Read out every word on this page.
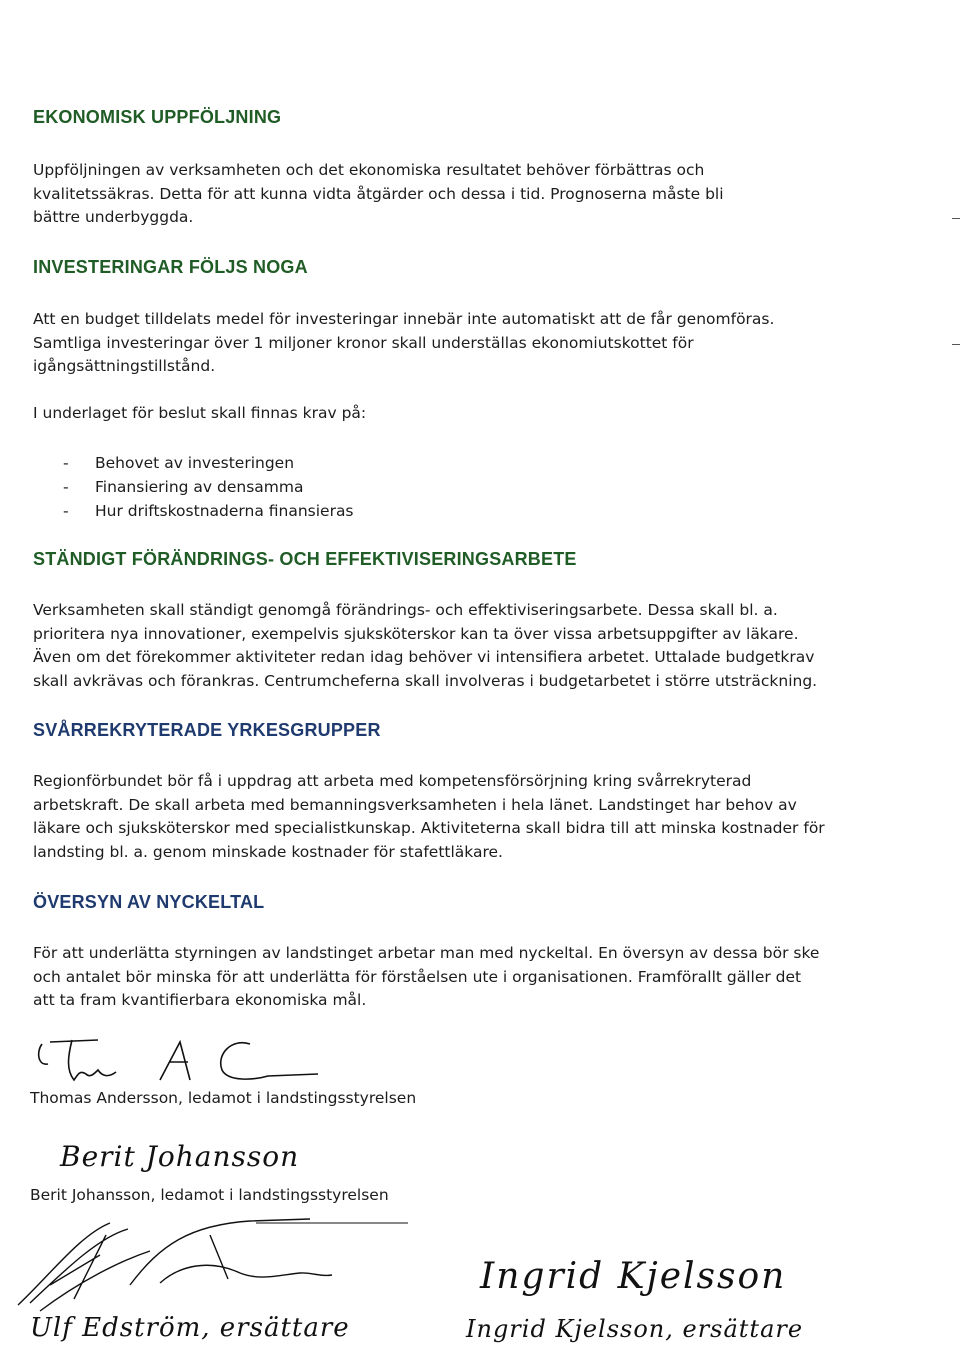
EKONOMISK UPPFÖLJNING

Uppföljningen av verksamheten och det ekonomiska resultatet behöver förbättras och kvalitetssäkras. Detta för att kunna vidta åtgärder och dessa i tid. Prognoserna måste bli bättre underbyggda.

INVESTERINGAR FÖLJS NOGA

Att en budget tilldelats medel för investeringar innebär inte automatiskt att de får genomföras. Samtliga investeringar över 1 miljoner kronor skall underställas ekonomiutskottet för igångsättningstillstånd.

I underlaget för beslut skall finnas krav på:

- Behovet av investeringen
- Finansiering av densamma
- Hur driftskostnaderna finansieras
STÄNDIGT FÖRÄNDRINGS- OCH EFFEKTIVISERINGSARBETE

Verksamheten skall ständigt genomgå förändrings- och effektiviseringsarbete. Dessa skall bl. a. prioritera nya innovationer, exempelvis sjuksköterskor kan ta över vissa arbetsuppgifter av läkare. Även om det förekommer aktiviteter redan idag behöver vi intensifiera arbetet. Uttalade budgetkrav skall avkrävas och förankras. Centrumcheferna skall involveras i budgetarbetet i större utsträckning.

SVÅRREKRYTERADE YRKESGRUPPER

Regionförbundet bör få i uppdrag att arbeta med kompetensförsörjning kring svårrekryterad arbetskraft. De skall arbeta med bemanningsverksamheten i hela länet. Landstinget har behov av läkare och sjuksköterskor med specialistkunskap. Aktiviteterna skall bidra till att minska kostnader för landsting bl. a. genom minskade kostnader för stafettläkare.

ÖVERSYN AV NYCKELTAL

För att underlätta styrningen av landstinget arbetar man med nyckeltal. En översyn av dessa bör ske och antalet bör minska för att underlätta för förståelsen ute i organisationen. Framförallt gäller det att ta fram kvantifierbara ekonomiska mål.

Thomas Andersson, ledamot i landstingsstyrelsen
Berit Johansson
Berit Johansson, ledamot i landstingsstyrelsen
Ulf Edström, ersättare
Ingrid Kjelsson
Ingrid Kjelsson, ersättare
